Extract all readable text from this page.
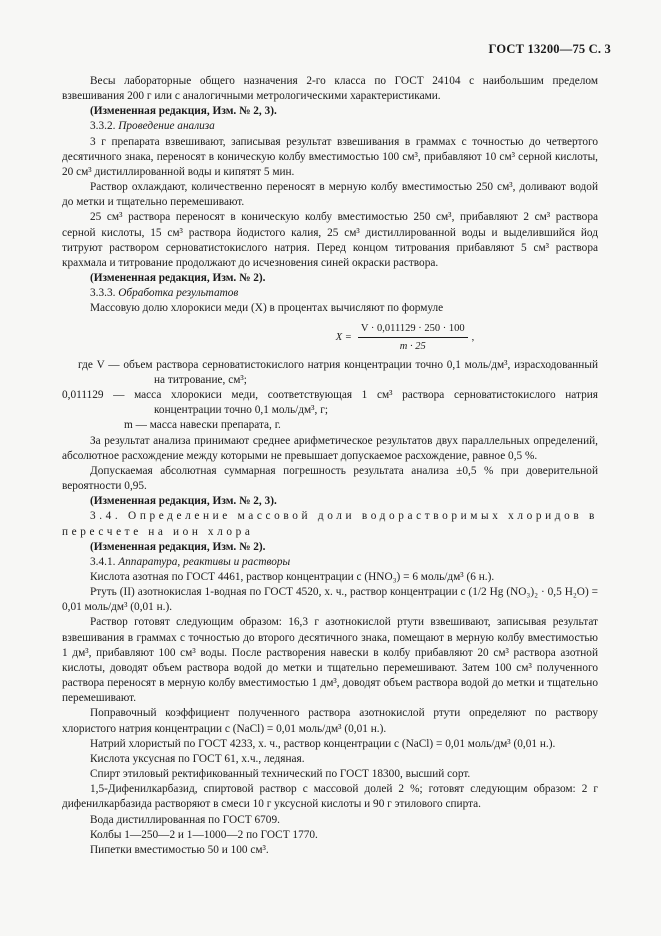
ГОСТ 13200—75 С. 3

Весы лабораторные общего назначения 2-го класса по ГОСТ 24104 с наибольшим пределом взвешивания 200 г или с аналогичными метрологическими характеристиками.

(Измененная редакция, Изм. № 2, 3).

3.3.2. Проведение анализа

3 г препарата взвешивают, записывая результат взвешивания в граммах с точностью до четвертого десятичного знака, переносят в коническую колбу вместимостью 100 см³, прибавляют 10 см³ серной кислоты, 20 см³ дистиллированной воды и кипятят 5 мин.

Раствор охлаждают, количественно переносят в мерную колбу вместимостью 250 см³, доливают водой до метки и тщательно перемешивают.

25 см³ раствора переносят в коническую колбу вместимостью 250 см³, прибавляют 2 см³ раствора серной кислоты, 15 см³ раствора йодистого калия, 25 см³ дистиллированной воды и выделившийся йод титруют раствором серноватистокислого натрия. Перед концом титрования прибавляют 5 см³ раствора крахмала и титрование продолжают до исчезновения синей окраски раствора.

(Измененная редакция, Изм. № 2).

3.3.3. Обработка результатов

Массовую долю хлорокиси меди (X) в процентах вычисляют по формуле

$X = \frac{V \cdot 0,011129 \cdot 250 \cdot 100}{m \cdot 25}$ ,

где V — объем раствора серноватистокислого натрия концентрации точно 0,1 моль/дм³, израсходованный на титрование, см³;

0,011129 — масса хлорокиси меди, соответствующая 1 см³ раствора серноватистокислого натрия концентрации точно 0,1 моль/дм³, г;

m — масса навески препарата, г.

За результат анализа принимают среднее арифметическое результатов двух параллельных определений, абсолютное расхождение между которыми не превышает допускаемое расхождение, равное 0,5 %.

Допускаемая абсолютная суммарная погрешность результата анализа ±0,5 % при доверительной вероятности 0,95.

(Измененная редакция, Изм. № 2, 3).

3.4. Определение массовой доли водорастворимых хлоридов в пересчете на ион хлора

(Измененная редакция, Изм. № 2).

3.4.1. Аппаратура, реактивы и растворы

Кислота азотная по ГОСТ 4461, раствор концентрации c (HNO₃) = 6 моль/дм³ (6 н.).

Ртуть (II) азотнокислая 1-водная по ГОСТ 4520, х. ч., раствор концентрации c (1/2 Hg (NO₃)₂ · 0,5 H₂O) = 0,01 моль/дм³ (0,01 н.).

Раствор готовят следующим образом: 16,3 г азотнокислой ртути взвешивают, записывая результат взвешивания в граммах с точностью до второго десятичного знака, помещают в мерную колбу вместимостью 1 дм³, прибавляют 100 см³ воды. После растворения навески в колбу прибавляют 20 см³ раствора азотной кислоты, доводят объем раствора водой до метки и тщательно перемешивают. Затем 100 см³ полученного раствора переносят в мерную колбу вместимостью 1 дм³, доводят объем раствора водой до метки и тщательно перемешивают.

Поправочный коэффициент полученного раствора азотнокислой ртути определяют по раствору хлористого натрия концентрации c (NaCl) = 0,01 моль/дм³ (0,01 н.).

Натрий хлористый по ГОСТ 4233, х. ч., раствор концентрации c (NaCl) = 0,01 моль/дм³ (0,01 н.).

Кислота уксусная по ГОСТ 61, х.ч., ледяная.

Спирт этиловый ректификованный технический по ГОСТ 18300, высший сорт.

1,5-Дифенилкарбазид, спиртовой раствор с массовой долей 2 %; готовят следующим образом: 2 г дифенилкарбазида растворяют в смеси 10 г уксусной кислоты и 90 г этилового спирта.

Вода дистиллированная по ГОСТ 6709.

Колбы 1—250—2 и 1—1000—2 по ГОСТ 1770.

Пипетки вместимостью 50 и 100 см³.
